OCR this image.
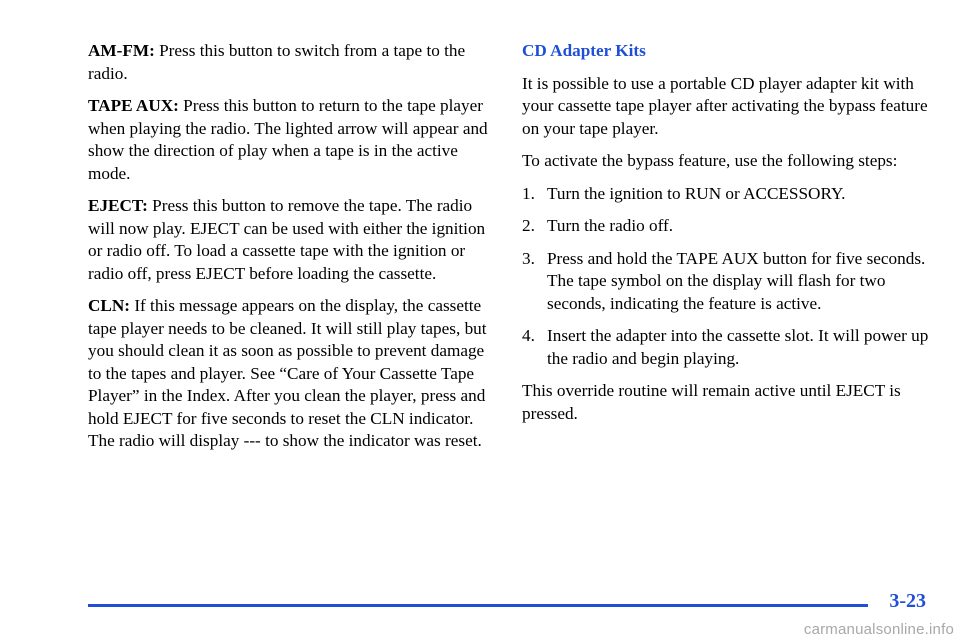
AM-FM: Press this button to switch from a tape to the radio.

TAPE AUX: Press this button to return to the tape player when playing the radio. The lighted arrow will appear and show the direction of play when a tape is in the active mode.

EJECT: Press this button to remove the tape. The radio will now play. EJECT can be used with either the ignition or radio off. To load a cassette tape with the ignition or radio off, press EJECT before loading the cassette.

CLN: If this message appears on the display, the cassette tape player needs to be cleaned. It will still play tapes, but you should clean it as soon as possible to prevent damage to the tapes and player. See “Care of Your Cassette Tape Player” in the Index. After you clean the player, press and hold EJECT for five seconds to reset the CLN indicator. The radio will display --- to show the indicator was reset.

CD Adapter Kits

It is possible to use a portable CD player adapter kit with your cassette tape player after activating the bypass feature on your tape player.

To activate the bypass feature, use the following steps:

1. Turn the ignition to RUN or ACCESSORY.
2. Turn the radio off.
3. Press and hold the TAPE AUX button for five seconds. The tape symbol on the display will flash for two seconds, indicating the feature is active.
4. Insert the adapter into the cassette slot. It will power up the radio and begin playing.

This override routine will remain active until EJECT is pressed.

3-23
carmanualsonline.info
